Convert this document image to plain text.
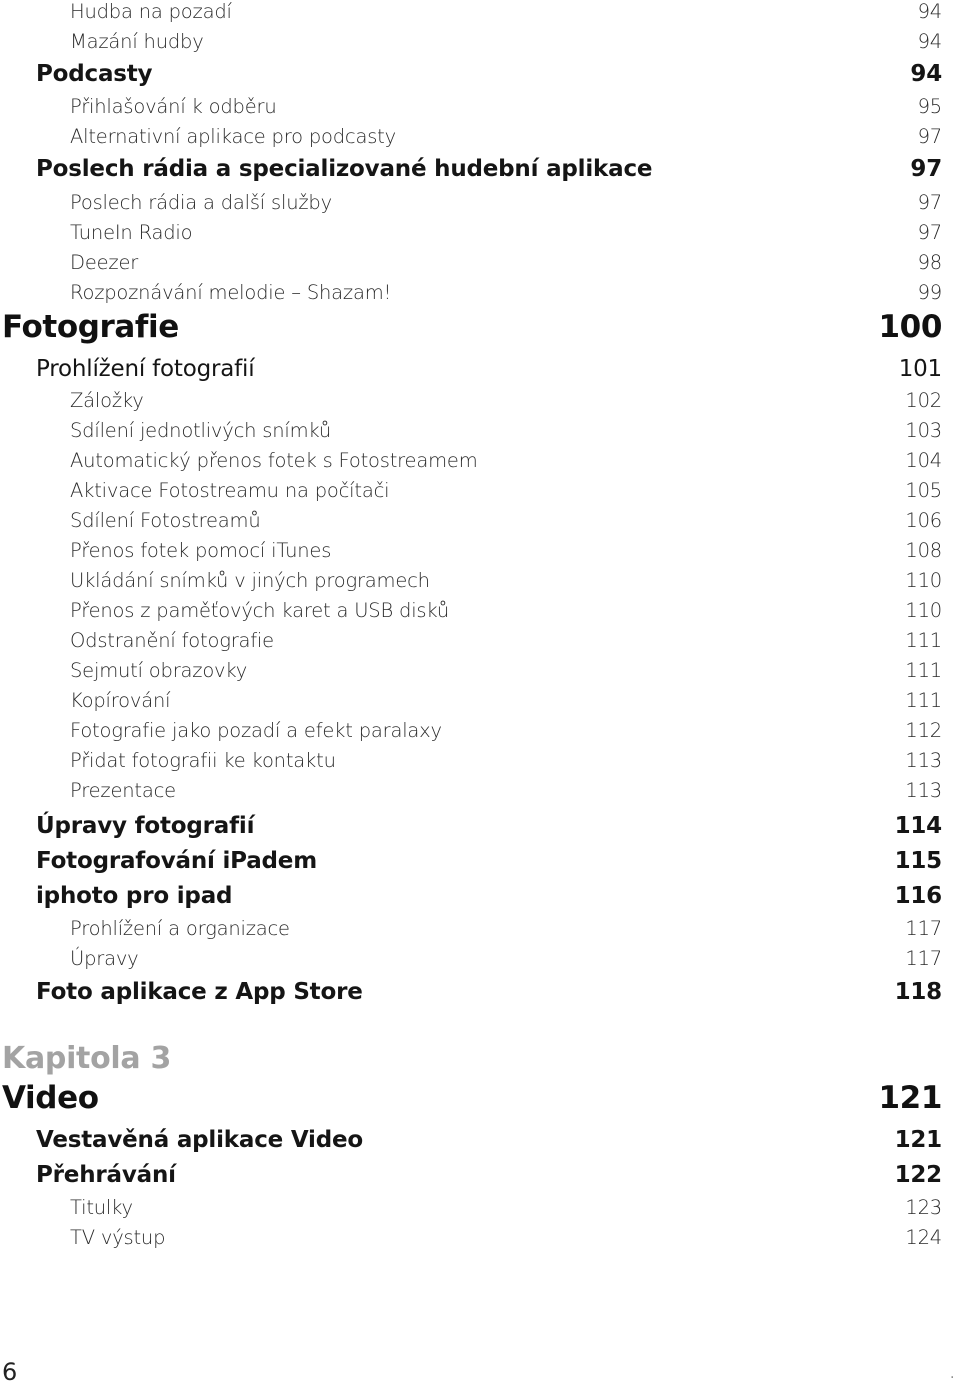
Hudba na pozadí	94
Mazání hudby	94
Podcasty	94
Přihlašování k odběru	95
Alternativní aplikace pro podcasty	97
Poslech rádia a specializované hudební aplikace	97
Poslech rádia a další služby	97
TuneIn Radio	97
Deezer	98
Rozpoznávání melodie – Shazam!	99
Fotografie	100
Prohlížení fotografií	101
Záložky	102
Sdílení jednotlivých snímků	103
Automatický přenos fotek s Fotostreamem	104
Aktivace Fotostreamu na počítači	105
Sdílení Fotostreamů	106
Přenos fotek pomocí iTunes	108
Ukládání snímků v jiných programech	110
Přenos z paměťových karet a USB disků	110
Odstranění fotografie	111
Sejmutí obrazovky	111
Kopírování	111
Fotografie jako pozadí a efekt paralaxy	112
Přidat fotografii ke kontaktu	113
Prezentace	113
Úpravy fotografií	114
Fotografování iPadem	115
iphoto pro ipad	116
Prohlížení a organizace	117
Úpravy	117
Foto aplikace z App Store	118
Kapitola 3
Video	121
Vestavěná aplikace Video	121
Přehrávání	122
Titulky	123
TV výstup	124
6	.
